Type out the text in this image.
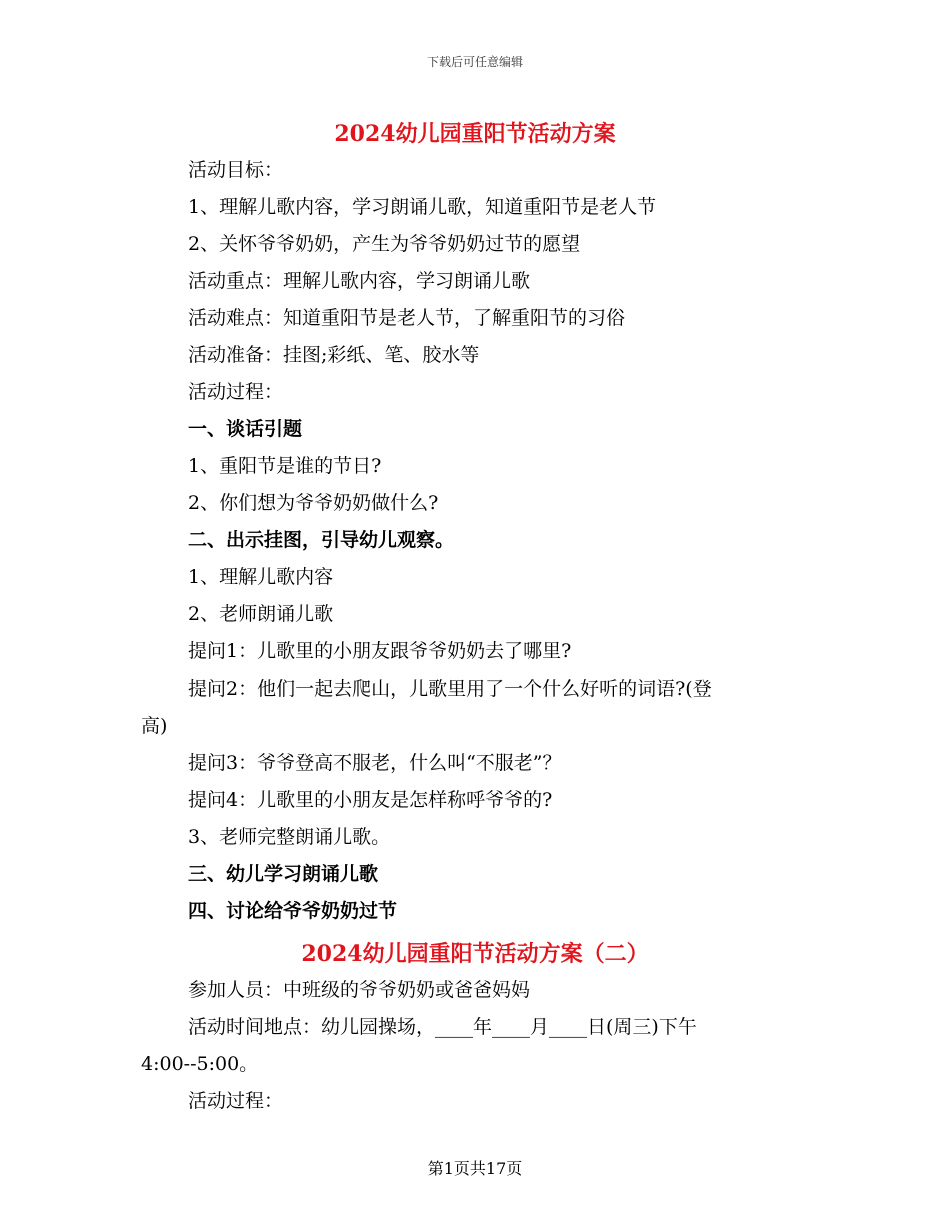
下载后可任意编辑
2024幼儿园重阳节活动方案
活动目标：
1、理解儿歌内容，学习朗诵儿歌，知道重阳节是老人节
2、关怀爷爷奶奶，产生为爷爷奶奶过节的愿望
活动重点：理解儿歌内容，学习朗诵儿歌
活动难点：知道重阳节是老人节，了解重阳节的习俗
活动准备：挂图;彩纸、笔、胶水等
活动过程：
一、谈话引题
1、重阳节是谁的节日?
2、你们想为爷爷奶奶做什么?
二、出示挂图，引导幼儿观察。
1、理解儿歌内容
2、老师朗诵儿歌
提问1：儿歌里的小朋友跟爷爷奶奶去了哪里?
提问2：他们一起去爬山，儿歌里用了一个什么好听的词语?(登
高)
提问3：爷爷登高不服老，什么叫“不服老”？
提问4：儿歌里的小朋友是怎样称呼爷爷的?
3、老师完整朗诵儿歌。
三、幼儿学习朗诵儿歌
四、讨论给爷爷奶奶过节
2024幼儿园重阳节活动方案（二）
参加人员：中班级的爷爷奶奶或爸爸妈妈
活动时间地点：幼儿园操场，____年____月____日(周三)下午
4:00--5:00。
活动过程：
第1页共17页
